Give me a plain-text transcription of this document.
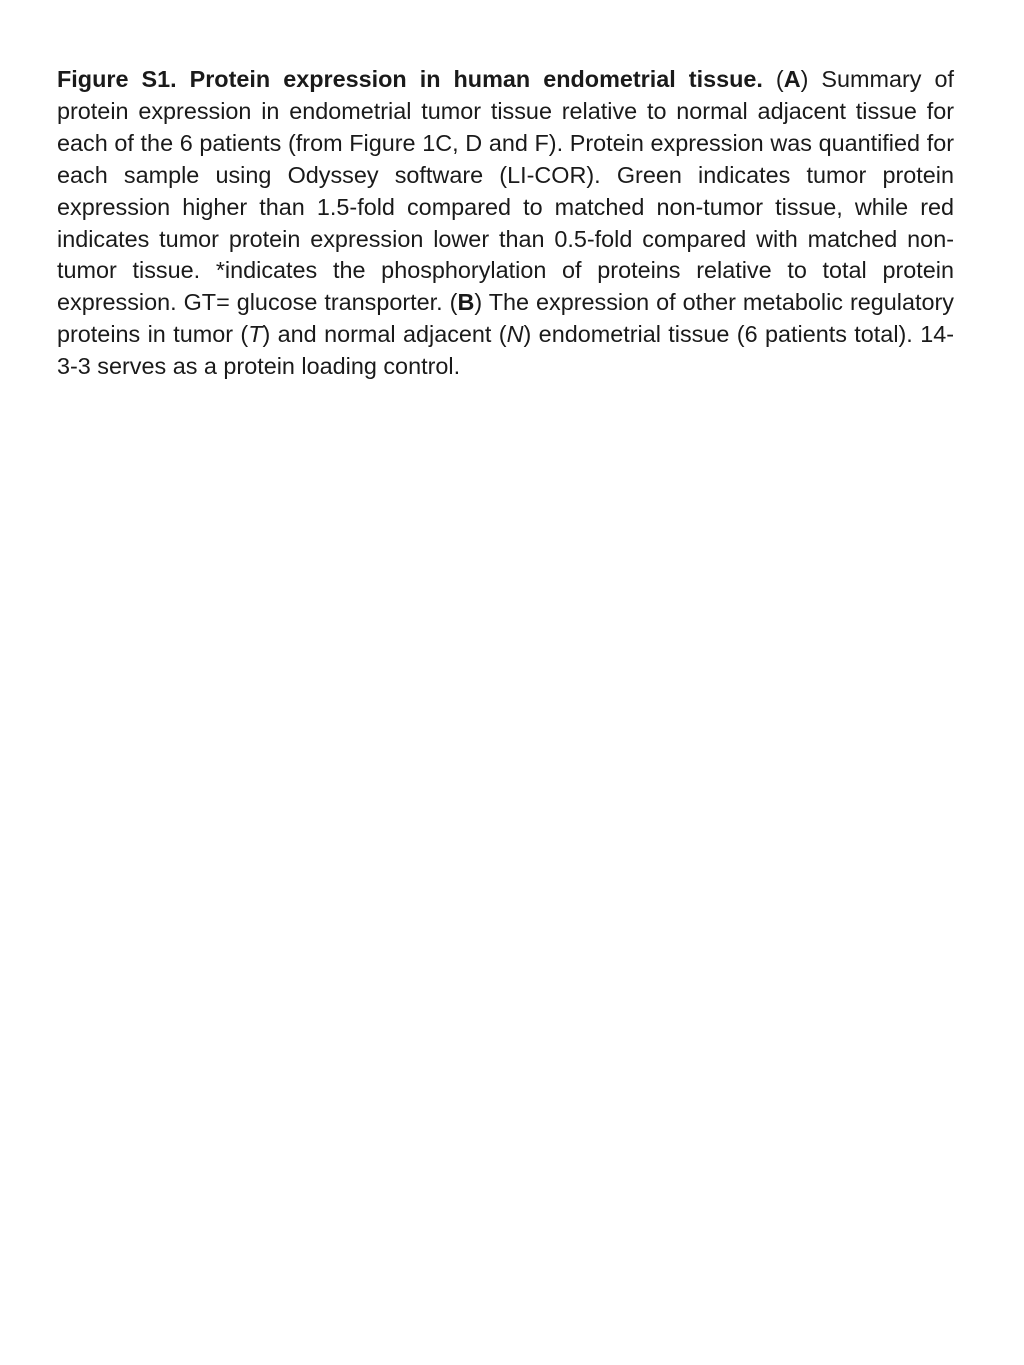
Figure S1. Protein expression in human endometrial tissue. (A) Summary of protein expression in endometrial tumor tissue relative to normal adjacent tissue for each of the 6 patients (from Figure 1C, D and F). Protein expression was quantified for each sample using Odyssey software (LI-COR). Green indicates tumor protein expression higher than 1.5-fold compared to matched non-tumor tissue, while red indicates tumor protein expression lower than 0.5-fold compared with matched non-tumor tissue. *indicates the phosphorylation of proteins relative to total protein expression. GT= glucose transporter. (B) The expression of other metabolic regulatory proteins in tumor (T) and normal adjacent (N) endometrial tissue (6 patients total). 14-3-3 serves as a protein loading control.
